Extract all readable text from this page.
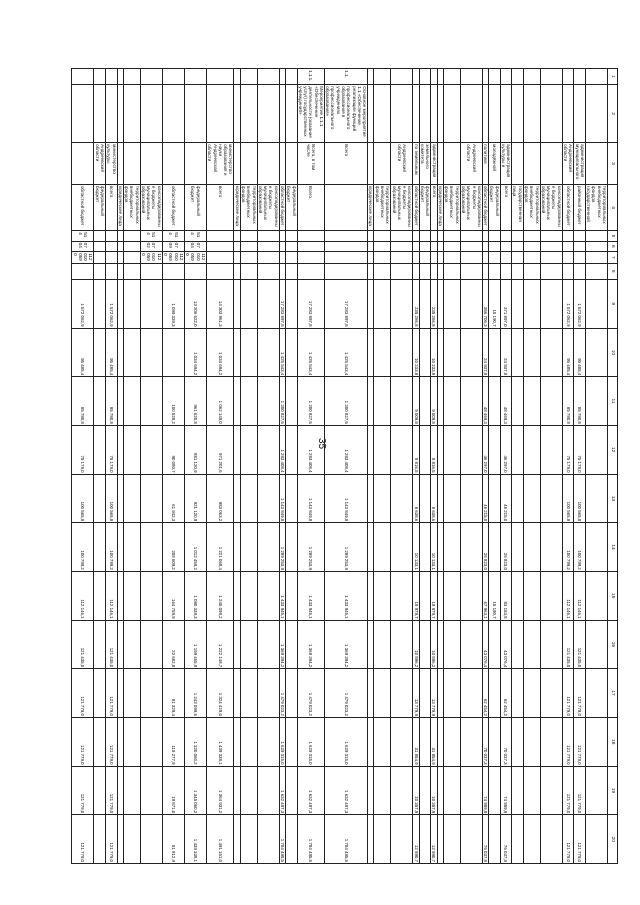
35
1	2	3	4	5	6	7	8	9	10	11	12	13	14	15	16	17	18	19	20
			территориальных внебюджетных фондов государственной																
		администрация муниципального	районный бюджет					1 572 062,9	95 485,4	85 780,8	75 179,0	100 565,8	100 799,2	112 146,1	121 435,0	121 779,0	121 779,0	121 779,0	121 779,0
		Андреевский области	областной бюджет					1 572 062,9	95 485,4	85 780,8	75 179,0	100 565,8	100 799,2	112 146,1	121 435,0	121 779,0	121 779,0	121 779,0	121 779,0
			консолидированные бюджеты муниципальных образований																
			территориальных внебюджетных фондов																
			государственная лица																
		администрация культуры и	всего					371 897,0	24 937,8	48 469,3	46 297,0	46 215,0	26 823,0	83 153,8	43 076,4	62 454,2	70 037,3	74 959,8	76 037,8
		молодёжной	федеральный бюджет					15 190,7						15 190,7					
		политики	областной бюджет					356 706,3	24 937,8	48 469,3	46 297,0	46 215,0	26 823,0	67 963,1	43 076,4	62 454,2	70 037,3	74 959,8	76 037,8
		Андреевский области	консолидированные бюджеты муниципальных образований																
			территориальных внебюджетных фондов																
			юридические лица																
		администрация	всего					235 266,8	10 233,8	9 009,8	8 816,5	8 638,6	10 133,1	18 979,7	10 896,2	13 779,9	31 854,9	10 357,9	12 990,7
		земельного комитета	федеральный бюджет																
		по земельным	областной бюджет					235 266,8	10 233,8	9 009,8	8 816,5	8 638,6	10 133,1	18 979,7	10 896,2	13 779,9	31 854,9	10 357,9	12 990,7
		Андреевский области	консолидированные бюджеты муниципальных образований																
			территориальных внебюджетных фондов																
			юридические лица																
1.1.	Основное мероприятие 1.1 «Обеспечение реализации функций профессионального образования в учреждениях профессионального образования»	Всего						17 283 897,8	1 425 543,4	1 200 827,5	1 283 408,4	1 143 849,8	1 289 253,9	1 433 945,1	1 369 394,2	1 479 023,2	1 629 315,0	1 632 497,3	1 784 495,5
1.1.1.	Мероприятие 1.1.1 «Обеспечение деятельности (оказание услуг) государственных учреждений»	Всего, в том числе	Всего					17 283 897,8	1 425 543,4	1 200 827,5	1 283 408,4	1 143 849,8	1 289 253,9	1 433 945,1	1 369 394,2	1 479 023,2	1 629 315,0	1 632 497,3	1 784 495,5
			федеральный бюджет																
			областной бюджет					17 283 897,8	1 425 543,4	1 200 827,5	1 283 408,4	1 143 849,8	1 289 253,9	1 433 945,1	1 369 394,2	1 479 023,2	1 629 315,0	1 632 497,3	1 784 495,5
			консолидированные бюджеты муниципальных образований																
			территориальных внебюджетных фондов																
			юридические лица																
		министерство образования и науки Андреевской области	всего					14 303 961,3	1 034 694,2	1 062 149,0	971 201,6	983 063,2	1 221 068,4	1 245 099,2	1 222 148,7	1 324 429,0	1 439 338,1	1 364 931,2	1 491 151,0
			федеральный бюджет	514	0704	1120100590		13 206 622,0	1 034 694,2	961 620,8	881 120,9	921 120,9	1 012 459,2	1 080 339,3	1 199 465,9	1 243 099,6	1 320 060,2	1 345 060,2	1 439 338,1
			областной бюджет	514	0709	1120100590		1 099 339,3		100 528,2	90 080,7	61 942,3	208 609,2	164 759,9	22 682,8	81 329,4	119 277,9	19 871,0	51 812,9
			консолидированные бюджеты муниципальных образований	514	0702	1120100590													
			территориальных внебюджетных фондов																
			юридические лица																
		министерство культуры	всего					1 572 062,9	95 485,4	85 780,8	75 179,0	100 565,8	100 799,2	112 146,1	121 435,0	121 779,0	121 779,0	121 779,0	121 779,0
		Андреевский области	федеральный бюджет																
			областной бюджет	514	0704	1120100590		1 572 062,9	95 485,4	85 780,8	75 179,0	100 565,8	100 799,2	112 146,1	121 435,0	121 779,0	121 779,0	121 779,0	121 779,0
